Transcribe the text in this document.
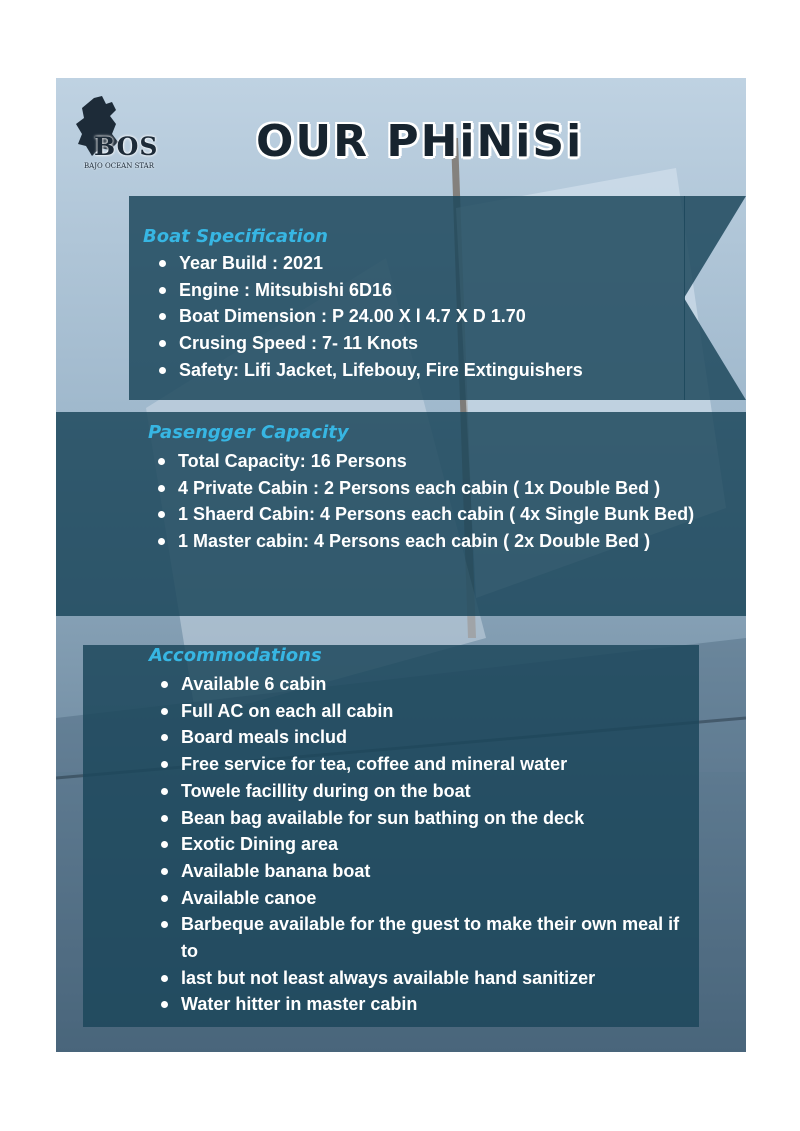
BOS
BAJO OCEAN STAR OUR PHiNiSi
Boat Specification
Year Build : 2021
Engine : Mitsubishi 6D16
Boat Dimension : P 24.00 X l 4.7 X D 1.70
Crusing Speed : 7- 11 Knots
Safety: Lifi Jacket, Lifebouy, Fire Extinguishers
Pasengger Capacity
Total Capacity: 16 Persons
4 Private Cabin : 2 Persons each cabin ( 1x Double Bed )
1 Shaerd Cabin: 4 Persons each cabin ( 4x Single Bunk Bed)
1 Master cabin: 4 Persons each cabin ( 2x Double Bed )
Accommodations
Available 6 cabin
Full AC on each all cabin
Board meals includ
Free service for tea, coffee and mineral water
Towele facillity during on the boat
Bean bag available for sun bathing on the deck
Exotic Dining area
Available banana boat
Available canoe
Barbeque available for the guest to make their own meal if to
last but not least always available hand sanitizer
Water hitter in master cabin
